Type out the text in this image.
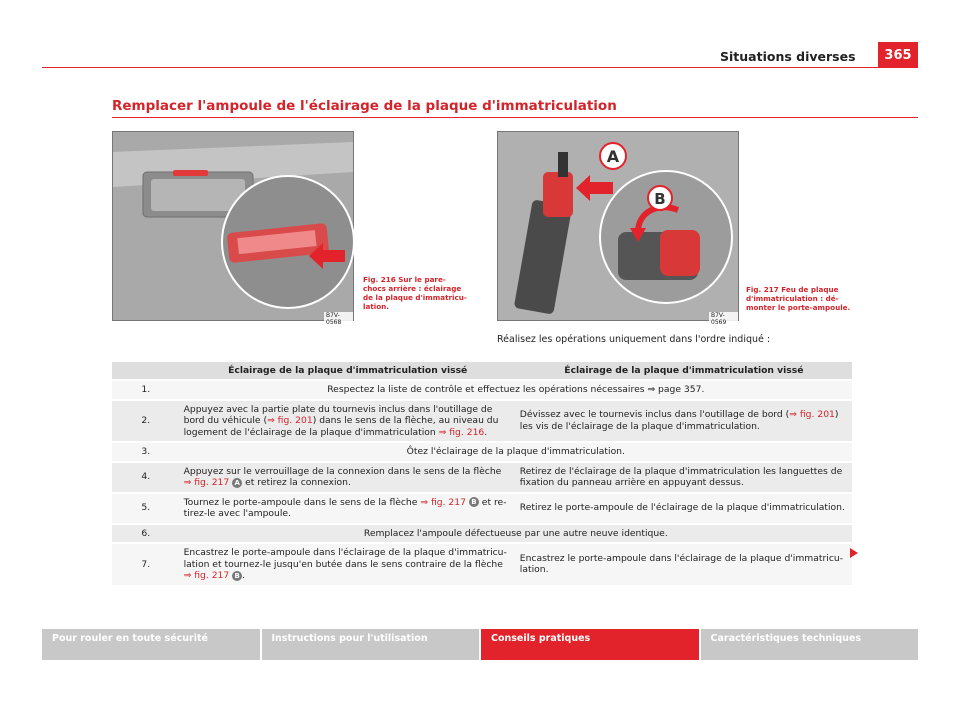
Situations diverses	365
Remplacer l'ampoule de l'éclairage de la plaque d'immatriculation
B7V-0568
Fig. 216 Sur le pare-
chocs arrière : éclairage
de la plaque d'immatricu-
lation.
A
B
B7V-0569
Fig. 217 Feu de plaque
d'immatriculation : dé-
monter le porte-ampoule.
Réalisez les opérations uniquement dans l'ordre indiqué :
	Éclairage de la plaque d'immatriculation vissé	Éclairage de la plaque d'immatriculation vissé
1.	Respectez la liste de contrôle et effectuez les opérations nécessaires ⇒ page 357.	
2.	Appuyez avec la partie plate du tournevis inclus dans l'outillage de bord du véhicule (⇒ fig. 201) dans le sens de la flèche, au niveau du logement de l'éclairage de la plaque d'immatriculation ⇒ fig. 216.	Dévissez avec le tournevis inclus dans l'outillage de bord (⇒ fig. 201) les vis de l'éclairage de la plaque d'immatriculation.
3.	Ôtez l'éclairage de la plaque d'immatriculation.	
4.	Appuyez sur le verrouillage de la connexion dans le sens de la flèche ⇒ fig. 217 A et retirez la connexion.	Retirez de l'éclairage de la plaque d'immatriculation les languettes de fixation du panneau arrière en appuyant dessus.
5.	Tournez le porte-ampoule dans le sens de la flèche ⇒ fig. 217 B et re-tirez-le avec l'ampoule.	Retirez le porte-ampoule de l'éclairage de la plaque d'immatriculation.
6.	Remplacez l'ampoule défectueuse par une autre neuve identique.	
7.	Encastrez le porte-ampoule dans l'éclairage de la plaque d'immatricu-lation et tournez-le jusqu'en butée dans le sens contraire de la flèche ⇒ fig. 217 B .	Encastrez le porte-ampoule dans l'éclairage de la plaque d'immatricu-lation.
Pour rouler en toute sécurité	Instructions pour l'utilisation	Conseils pratiques	Caractéristiques techniques
